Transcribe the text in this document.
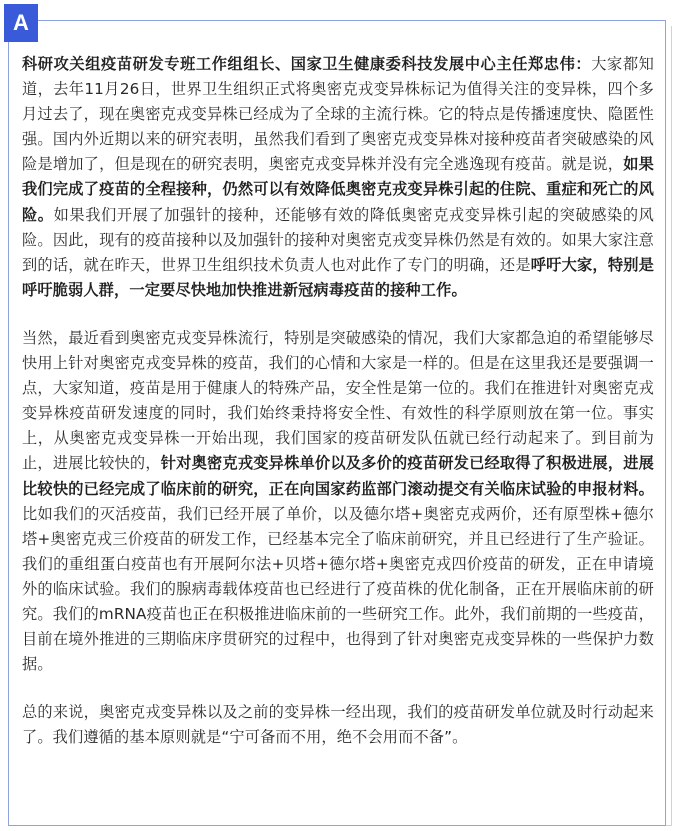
A

科研攻关组疫苗研发专班工作组组长、国家卫生健康委科技发展中心主任郑忠伟：大家都知道，去年11月26日，世界卫生组织正式将奥密克戎变异株标记为值得关注的变异株，四个多月过去了，现在奥密克戎变异株已经成为了全球的主流行株。它的特点是传播速度快、隐匿性强。国内外近期以来的研究表明，虽然我们看到了奥密克戎变异株对接种疫苗者突破感染的风险是增加了，但是现在的研究表明，奥密克戎变异株并没有完全逃逸现有疫苗。就是说，如果我们完成了疫苗的全程接种，仍然可以有效降低奥密克戎变异株引起的住院、重症和死亡的风险。如果我们开展了加强针的接种，还能够有效的降低奥密克戎变异株引起的突破感染的风险。因此，现有的疫苗接种以及加强针的接种对奥密克戎变异株仍然是有效的。如果大家注意到的话，就在昨天，世界卫生组织技术负责人也对此作了专门的明确，还是呼吁大家，特别是呼吁脆弱人群，一定要尽快地加快推进新冠病毒疫苗的接种工作。

当然，最近看到奥密克戎变异株流行，特别是突破感染的情况，我们大家都急迫的希望能够尽快用上针对奥密克戎变异株的疫苗，我们的心情和大家是一样的。但是在这里我还是要强调一点，大家知道，疫苗是用于健康人的特殊产品，安全性是第一位的。我们在推进针对奥密克戎变异株疫苗研发速度的同时，我们始终秉持将安全性、有效性的科学原则放在第一位。事实上，从奥密克戎变异株一开始出现，我们国家的疫苗研发队伍就已经行动起来了。到目前为止，进展比较快的，针对奥密克戎变异株单价以及多价的疫苗研发已经取得了积极进展，进展比较快的已经完成了临床前的研究，正在向国家药监部门滚动提交有关临床试验的申报材料。比如我们的灭活疫苗，我们已经开展了单价，以及德尔塔+奥密克戎两价，还有原型株+德尔塔+奥密克戎三价疫苗的研发工作，已经基本完全了临床前研究，并且已经进行了生产验证。我们的重组蛋白疫苗也有开展阿尔法+贝塔+德尔塔+奥密克戎四价疫苗的研发，正在申请境外的临床试验。我们的腺病毒载体疫苗也已经进行了疫苗株的优化制备，正在开展临床前的研究。我们的mRNA疫苗也正在积极推进临床前的一些研究工作。此外，我们前期的一些疫苗，目前在境外推进的三期临床序贯研究的过程中，也得到了针对奥密克戎变异株的一些保护力数据。

总的来说，奥密克戎变异株以及之前的变异株一经出现，我们的疫苗研发单位就及时行动起来了。我们遵循的基本原则就是“宁可备而不用，绝不会用而不备”。
